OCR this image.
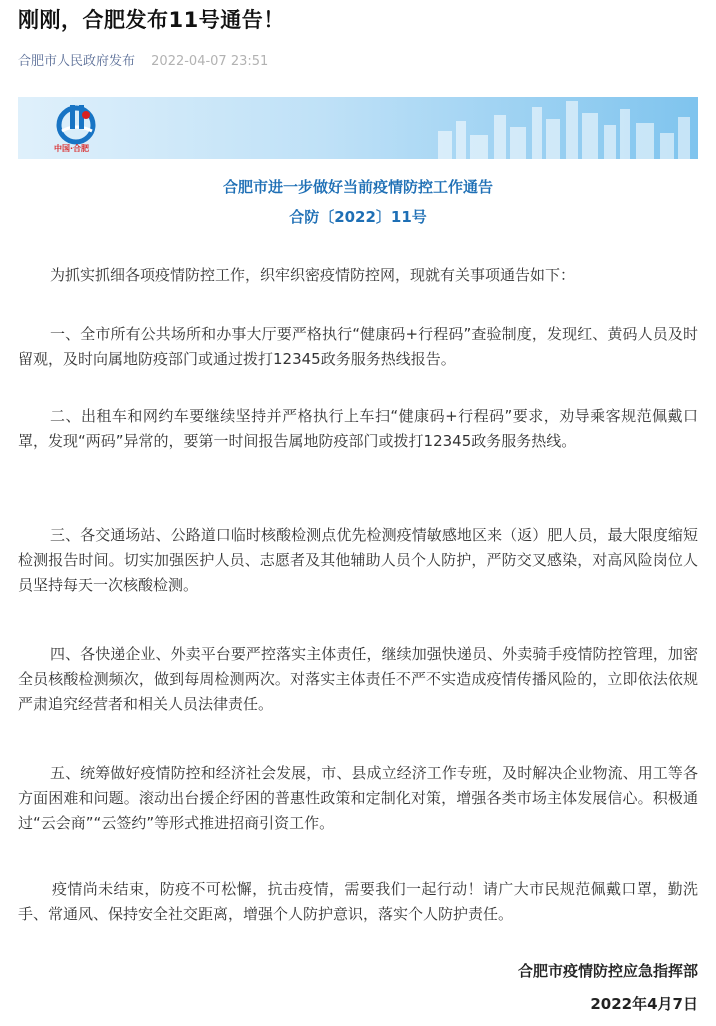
刚刚，合肥发布11号通告！
合肥市人民政府发布 2022-04-07 23:51
中国·合肥
合肥市进一步做好当前疫情防控工作通告
合防〔2022〕11号
为抓实抓细各项疫情防控工作，织牢织密疫情防控网，现就有关事项通告如下：
一、全市所有公共场所和办事大厅要严格执行“健康码+行程码”查验制度，发现红、黄码人员及时留观，及时向属地防疫部门或通过拨打12345政务服务热线报告。
二、出租车和网约车要继续坚持并严格执行上车扫“健康码+行程码”要求，劝导乘客规范佩戴口罩，发现“两码”异常的，要第一时间报告属地防疫部门或拨打12345政务服务热线。
三、各交通场站、公路道口临时核酸检测点优先检测疫情敏感地区来（返）肥人员，最大限度缩短检测报告时间。切实加强医护人员、志愿者及其他辅助人员个人防护，严防交叉感染，对高风险岗位人员坚持每天一次核酸检测。
四、各快递企业、外卖平台要严控落实主体责任，继续加强快递员、外卖骑手疫情防控管理，加密全员核酸检测频次，做到每周检测两次。对落实主体责任不严不实造成疫情传播风险的，立即依法依规严肃追究经营者和相关人员法律责任。
五、统筹做好疫情防控和经济社会发展，市、县成立经济工作专班，及时解决企业物流、用工等各方面困难和问题。滚动出台援企纾困的普惠性政策和定制化对策，增强各类市场主体发展信心。积极通过“云会商”“云签约”等形式推进招商引资工作。
疫情尚未结束，防疫不可松懈，抗击疫情，需要我们一起行动！请广大市民规范佩戴口罩，勤洗手、常通风、保持安全社交距离，增强个人防护意识，落实个人防护责任。
合肥市疫情防控应急指挥部
2022年4月7日
